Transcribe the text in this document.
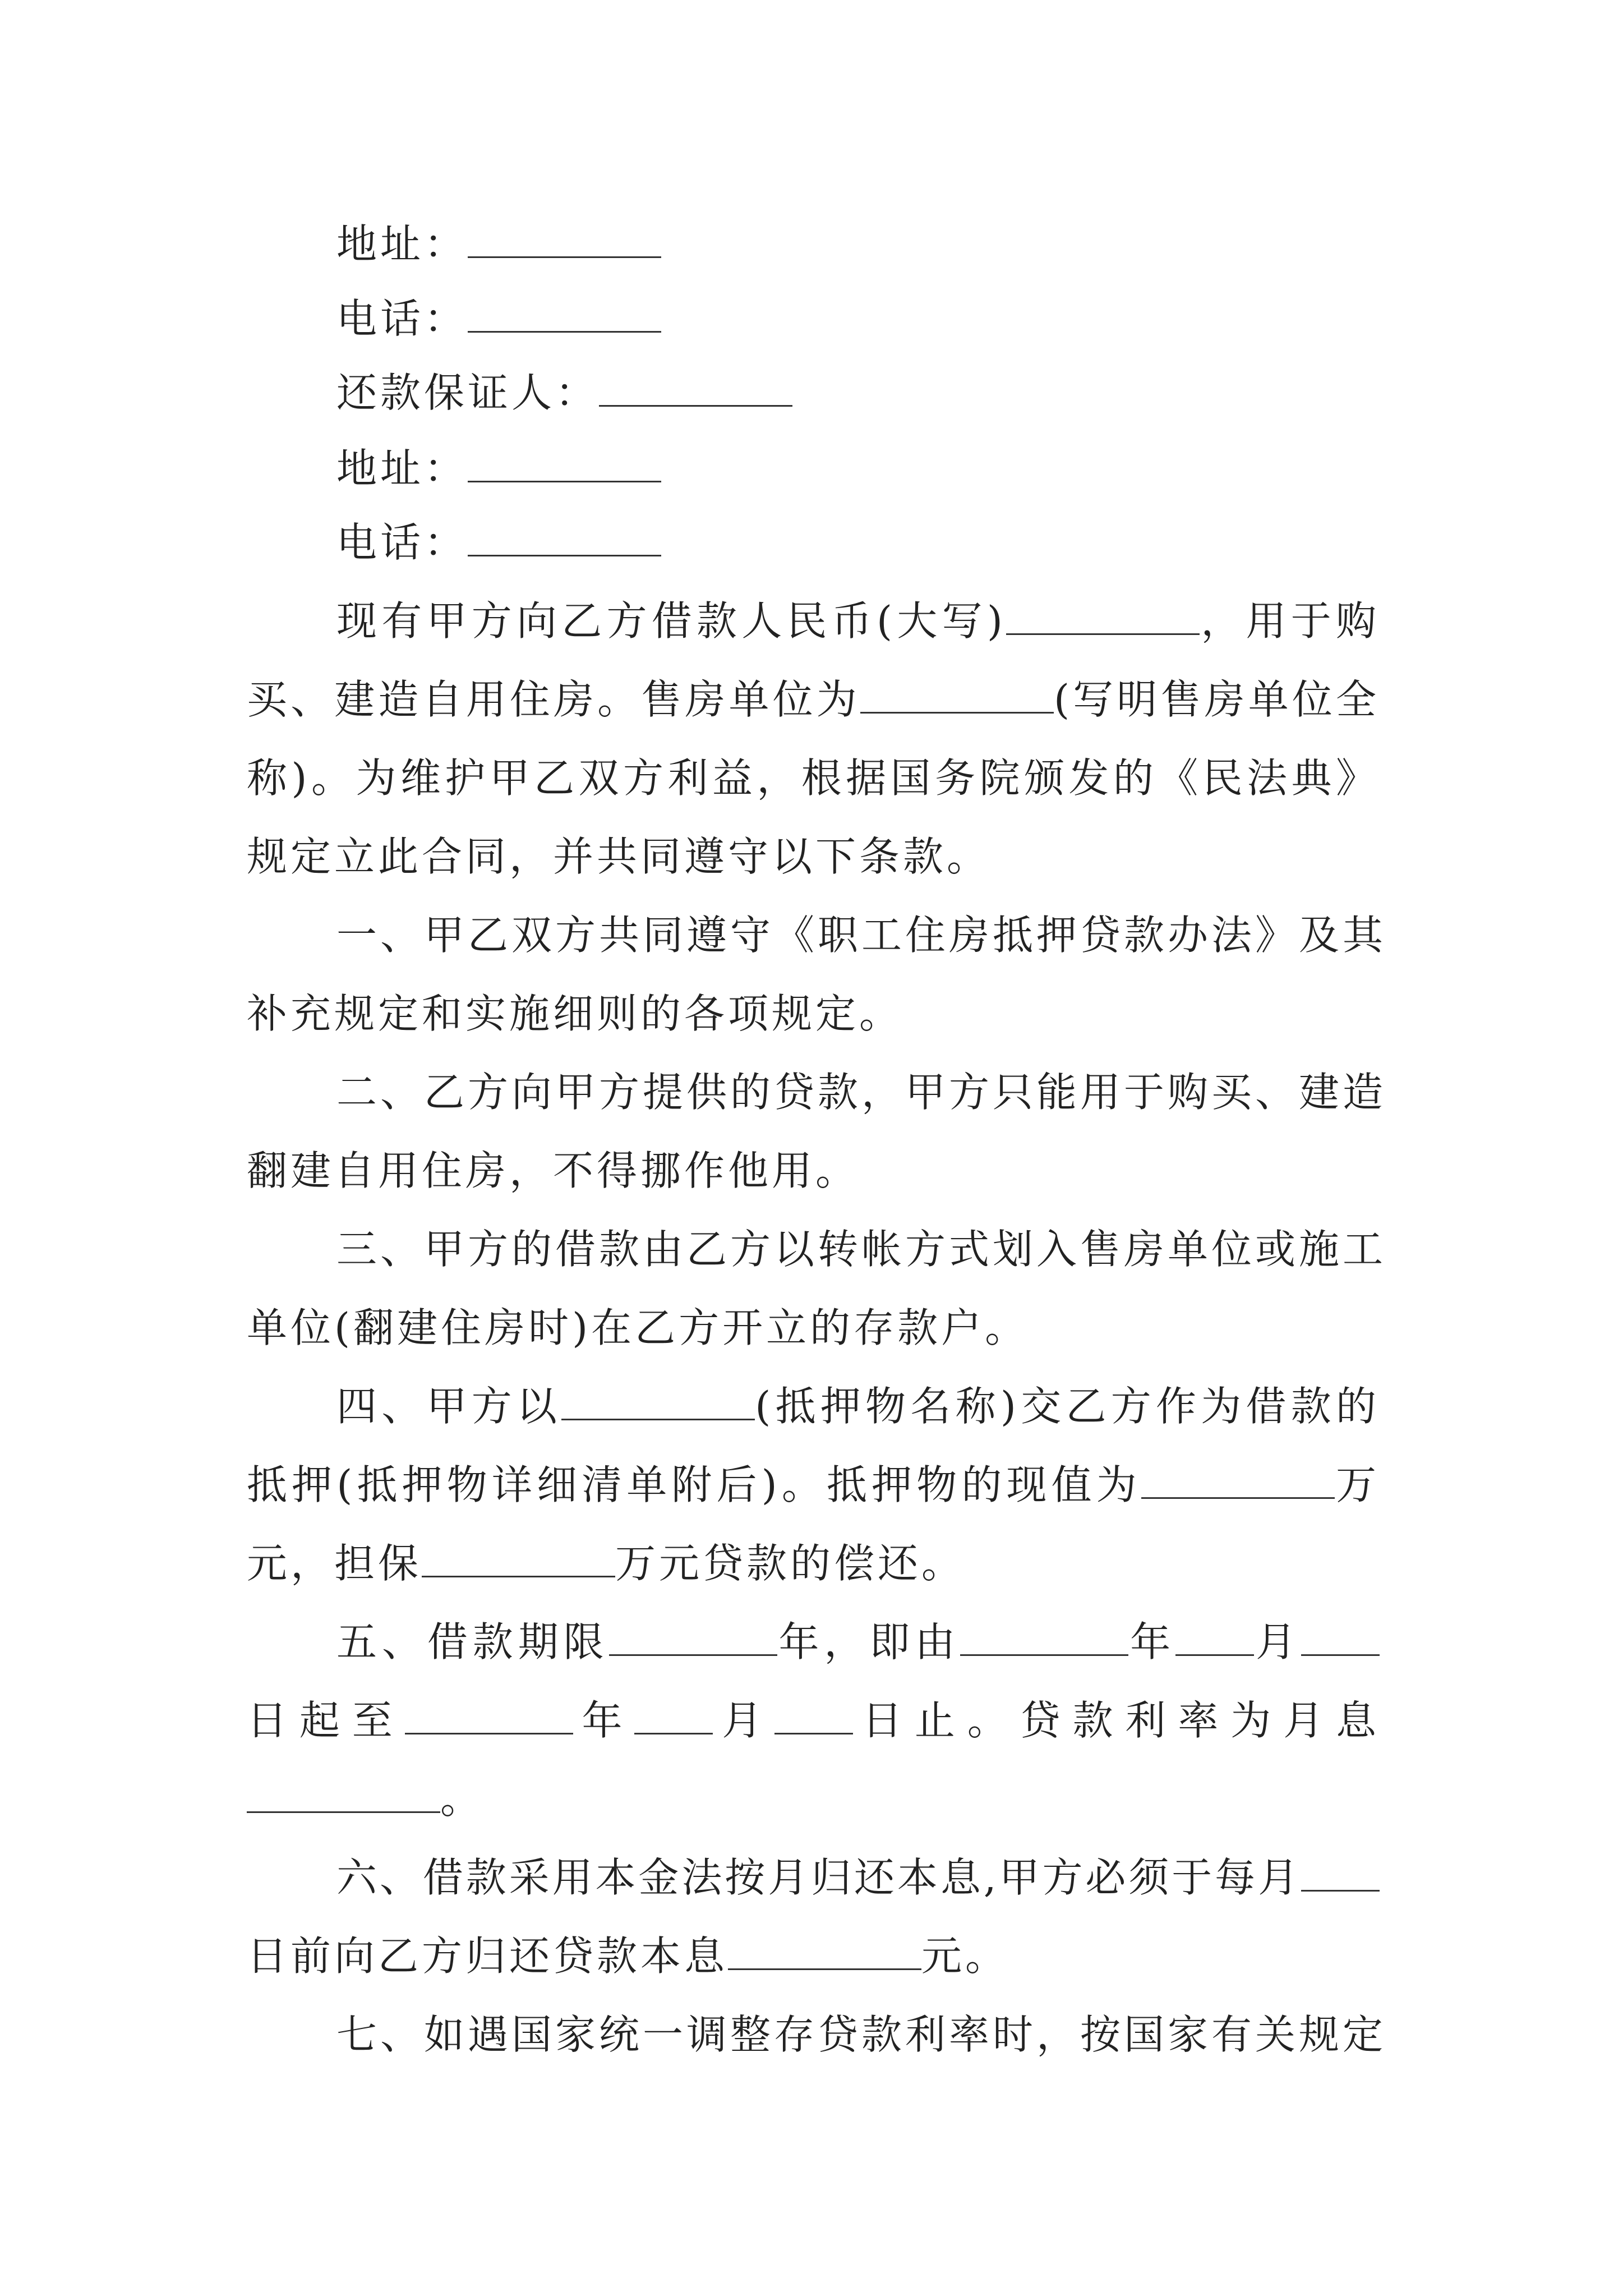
地址：

电话：

还款保证人：

地址：

电话：

现有甲方向乙方借款人民币(大写)	，用于购

买、建造自用住房。售房单位为	(写明售房单位全

称)。为维护甲乙双方利益，根据国务院颁发的《民法典》

规定立此合同，并共同遵守以下条款。

一、甲乙双方共同遵守《职工住房抵押贷款办法》及其

补充规定和实施细则的各项规定。

二、乙方向甲方提供的贷款，甲方只能用于购买、建造

翻建自用住房，不得挪作他用。

三、甲方的借款由乙方以转帐方式划入售房单位或施工

单位(翻建住房时)在乙方开立的存款户。

四、甲方以	(抵押物名称)交乙方作为借款的

抵押(抵押物详细清单附后)。抵押物的现值为	万

元，担保	万元贷款的偿还。

五、借款期限	年，即由	年 月

日起至	年 月 日止。贷款利率为月息

。

六、借款采用本金法按月归还本息,甲方必须于每月

日前向乙方归还贷款本息	元。

七、如遇国家统一调整存贷款利率时，按国家有关规定
